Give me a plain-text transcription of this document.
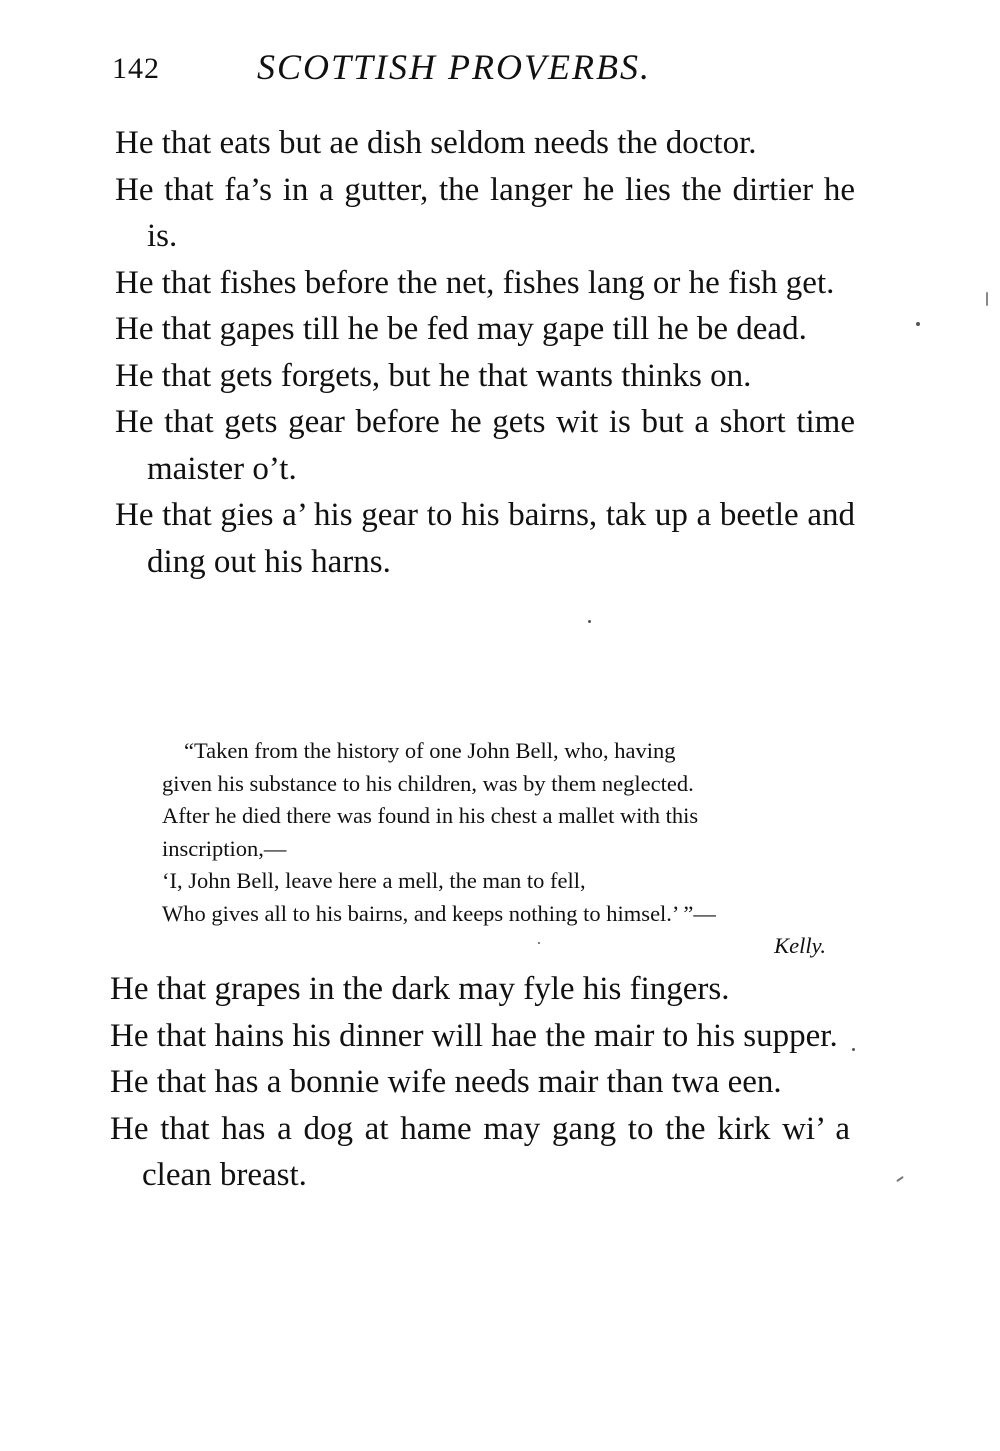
142	SCOTTISH PROVERBS.

He that eats but ae dish seldom needs the doctor.

He that fa’s in a gutter, the langer he lies the dirtier he is.

He that fishes before the net, fishes lang or he fish get.

He that gapes till he be fed may gape till he be dead.

He that gets forgets, but he that wants thinks on.

He that gets gear before he gets wit is but a short time maister o’t.

He that gies a’ his gear to his bairns, tak up a beetle and ding out his harns.

“Taken from the history of one John Bell, who, having

given his substance to his children, was by them neglected.

After he died there was found in his chest a mallet with this

inscription,—

‘I, John Bell, leave here a mell, the man to fell,

Who gives all to his bairns, and keeps nothing to himsel.’ ”—

Kelly.

He that grapes in the dark may fyle his fingers.

He that hains his dinner will hae the mair to his supper.

He that has a bonnie wife needs mair than twa een.

He that has a dog at hame may gang to the kirk wi’ a clean breast.
